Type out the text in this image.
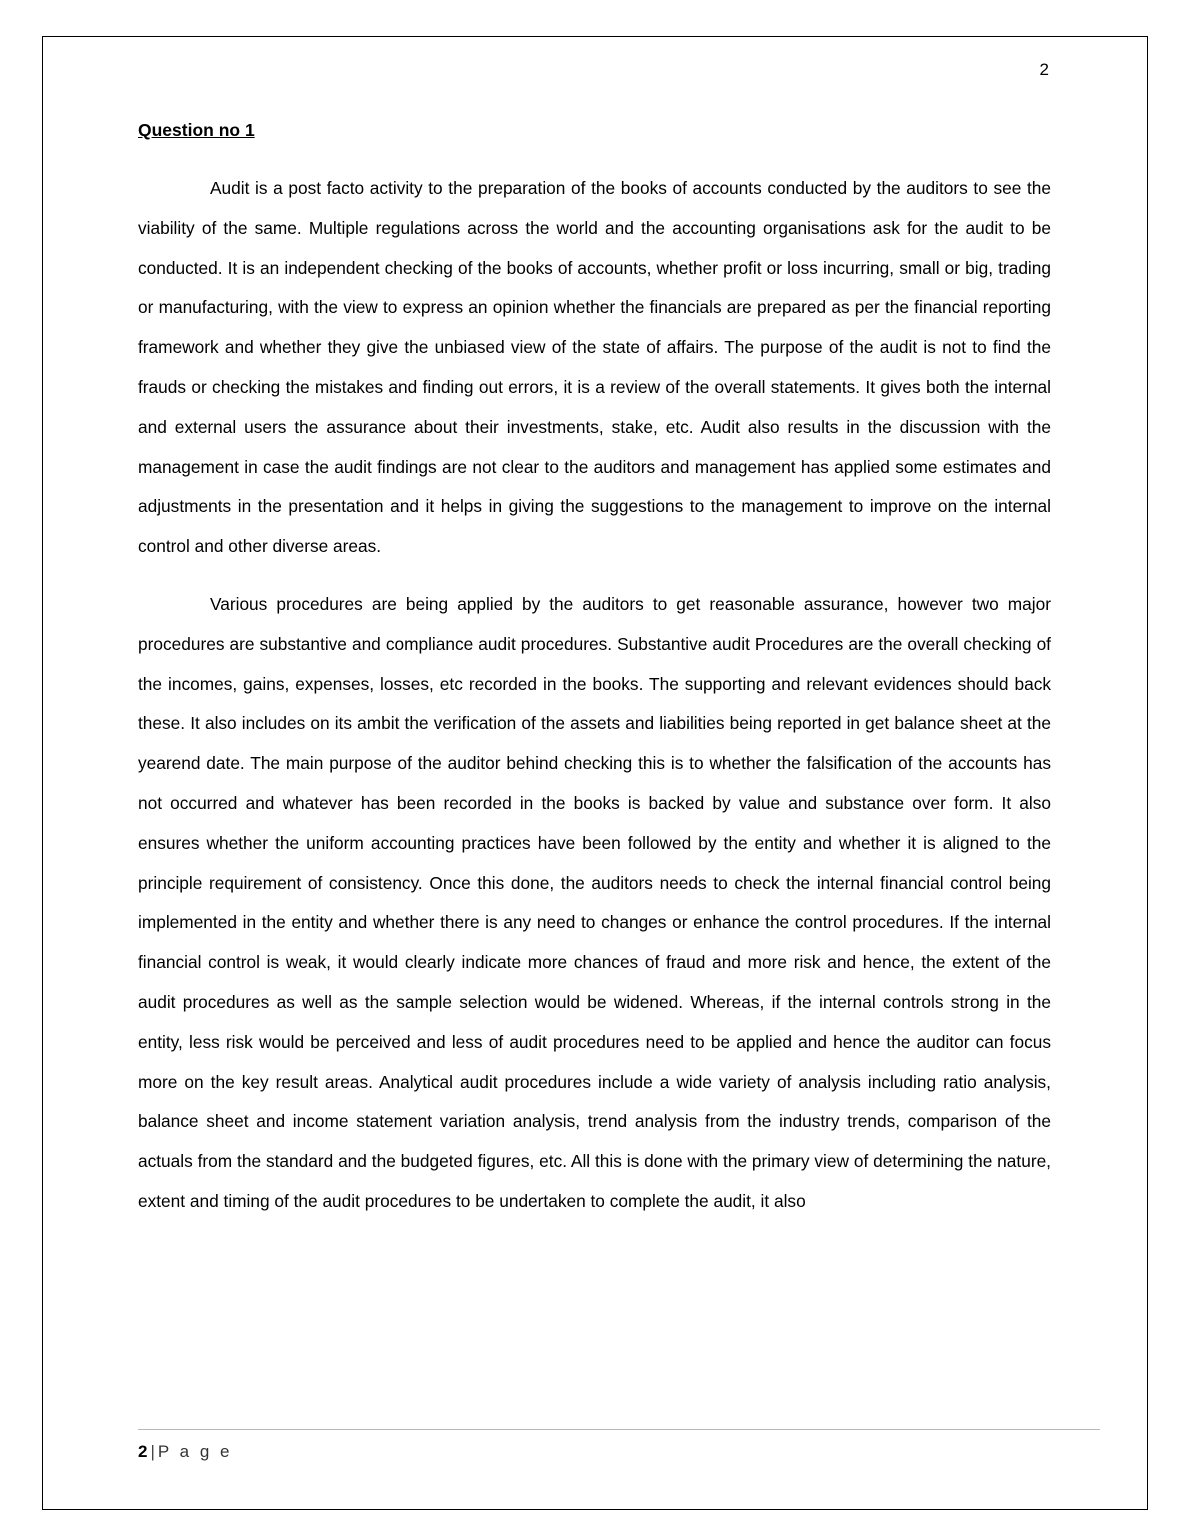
2
Question no 1

Audit is a post facto activity to the preparation of the books of accounts conducted by the auditors to see the viability of the same. Multiple regulations across the world and the accounting organisations ask for the audit to be conducted. It is an independent checking of the books of accounts, whether profit or loss incurring, small or big, trading or manufacturing, with the view to express an opinion whether the financials are prepared as per the financial reporting framework and whether they give the unbiased view of the state of affairs. The purpose of the audit is not to find the frauds or checking the mistakes and finding out errors, it is a review of the overall statements. It gives both the internal and external users the assurance about their investments, stake, etc. Audit also results in the discussion with the management in case the audit findings are not clear to the auditors and management has applied some estimates and adjustments in the presentation and it helps in giving the suggestions to the management to improve on the internal control and other diverse areas.

Various procedures are being applied by the auditors to get reasonable assurance, however two major procedures are substantive and compliance audit procedures. Substantive audit Procedures are the overall checking of the incomes, gains, expenses, losses, etc recorded in the books. The supporting and relevant evidences should back these. It also includes on its ambit the verification of the assets and liabilities being reported in get balance sheet at the yearend date. The main purpose of the auditor behind checking this is to whether the falsification of the accounts has not occurred and whatever has been recorded in the books is backed by value and substance over form. It also ensures whether the uniform accounting practices have been followed by the entity and whether it is aligned to the principle requirement of consistency. Once this done, the auditors needs to check the internal financial control being implemented in the entity and whether there is any need to changes or enhance the control procedures. If the internal financial control is weak, it would clearly indicate more chances of fraud and more risk and hence, the extent of the audit procedures as well as the sample selection would be widened. Whereas, if the internal controls strong in the entity, less risk would be perceived and less of audit procedures need to be applied and hence the auditor can focus more on the key result areas. Analytical audit procedures include a wide variety of analysis including ratio analysis, balance sheet and income statement variation analysis, trend analysis from the industry trends, comparison of the actuals from the standard and the budgeted figures, etc. All this is done with the primary view of determining the nature, extent and timing of the audit procedures to be undertaken to complete the audit, it also

2 | P a g e
